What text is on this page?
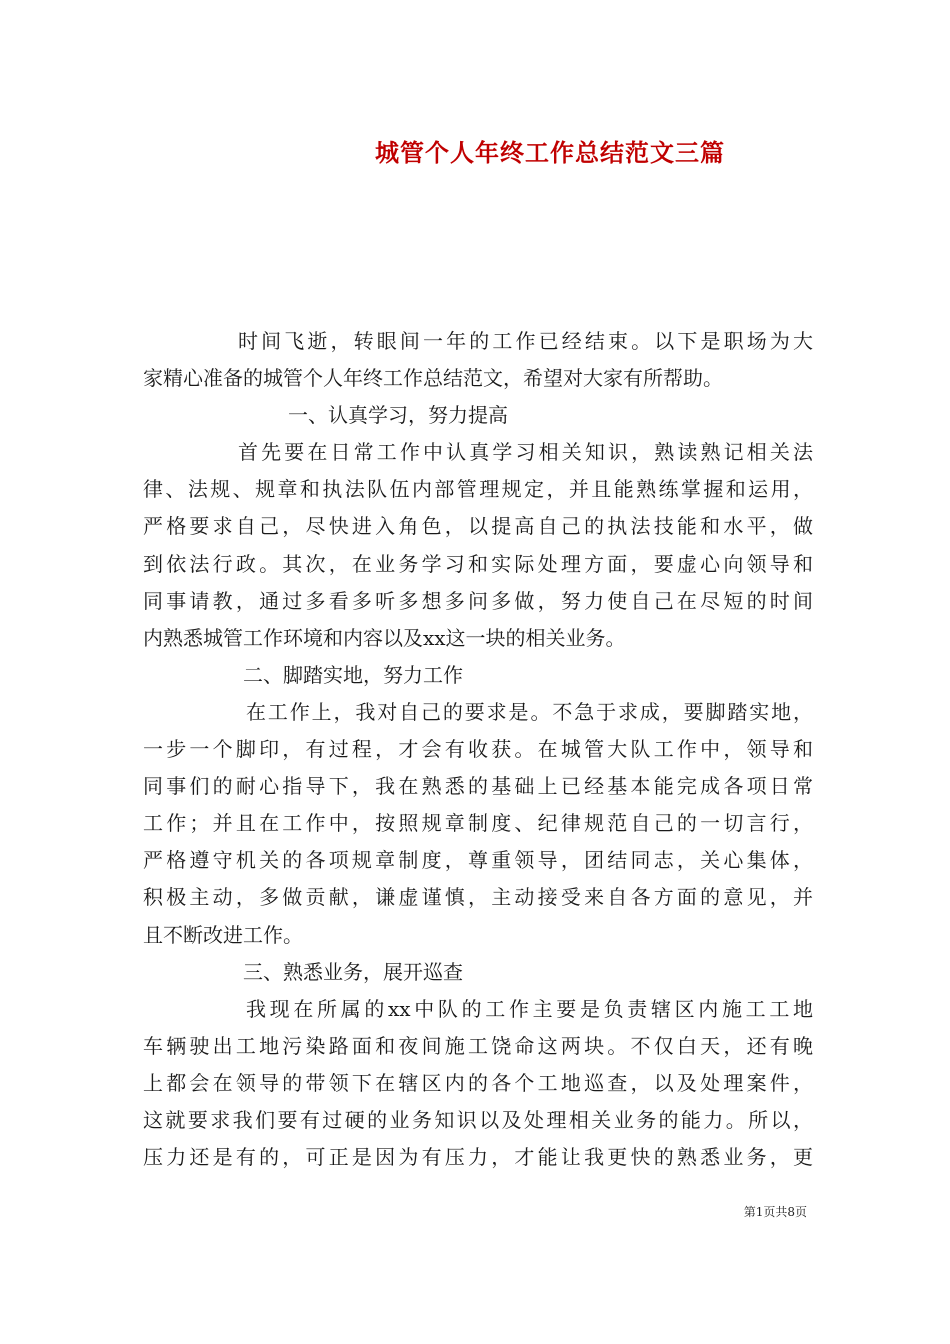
城管个人年终工作总结范文三篇
时间飞逝，转眼间一年的工作已经结束。以下是职场为大
家精心准备的城管个人年终工作总结范文，希望对大家有所帮助。
一、认真学习，努力提高
首先要在日常工作中认真学习相关知识，熟读熟记相关法
律、法规、规章和执法队伍内部管理规定，并且能熟练掌握和运用，
严格要求自己，尽快进入角色，以提高自己的执法技能和水平，做
到依法行政。其次，在业务学习和实际处理方面，要虚心向领导和
同事请教，通过多看多听多想多问多做，努力使自己在尽短的时间
内熟悉城管工作环境和内容以及xx这一块的相关业务。
二、脚踏实地，努力工作
在工作上，我对自己的要求是。不急于求成，要脚踏实地，
一步一个脚印，有过程，才会有收获。在城管大队工作中，领导和
同事们的耐心指导下，我在熟悉的基础上已经基本能完成各项日常
工作；并且在工作中，按照规章制度、纪律规范自己的一切言行，
严格遵守机关的各项规章制度，尊重领导，团结同志，关心集体，
积极主动，多做贡献，谦虚谨慎，主动接受来自各方面的意见，并
且不断改进工作。
三、熟悉业务，展开巡查
我现在所属的xx中队的工作主要是负责辖区内施工工地
车辆驶出工地污染路面和夜间施工饶命这两块。不仅白天，还有晚
上都会在领导的带领下在辖区内的各个工地巡查，以及处理案件，
这就要求我们要有过硬的业务知识以及处理相关业务的能力。所以，
压力还是有的，可正是因为有压力，才能让我更快的熟悉业务，更
第1页共8页
